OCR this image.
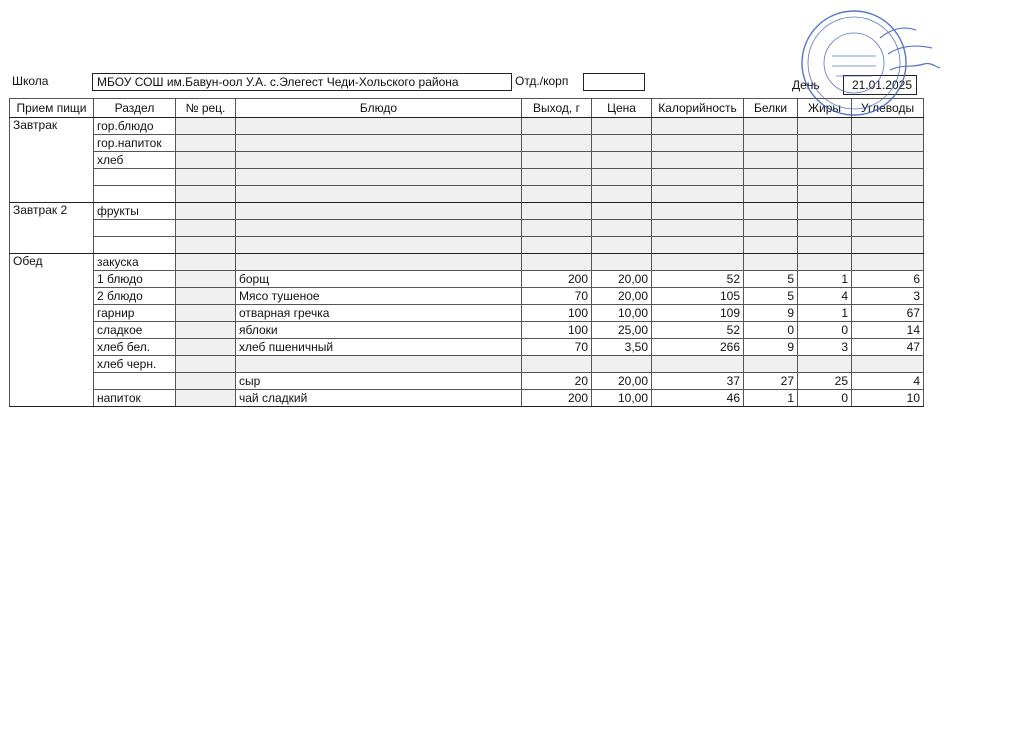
Школа	МБОУ СОШ им.Бавун-оол У.А. с.Элегест Чеди-Хольского района	Отд./корп	День	21.01.2025
Прием пищи	Раздел	№ рец.	Блюдо	Выход, г	Цена	Калорийность	Белки	Жиры	Углеводы
Завтрак	гор.блюдо								
	гор.напиток								
	хлеб								

Завтрак 2	фрукты								

Обед	закуска								
	1 блюдо		борщ	200	20,00	52	5	1	6
	2 блюдо		Мясо тушеное	70	20,00	105	5	4	3
	гарнир		отварная гречка	100	10,00	109	9	1	67
	сладкое		яблоки	100	25,00	52	0	0	14
	хлеб бел.		хлеб пшеничный	70	3,50	266	9	3	47
	хлеб черн.								
			сыр	20	20,00	37	27	25	4
	напиток		чай сладкий	200	10,00	46	1	0	10
